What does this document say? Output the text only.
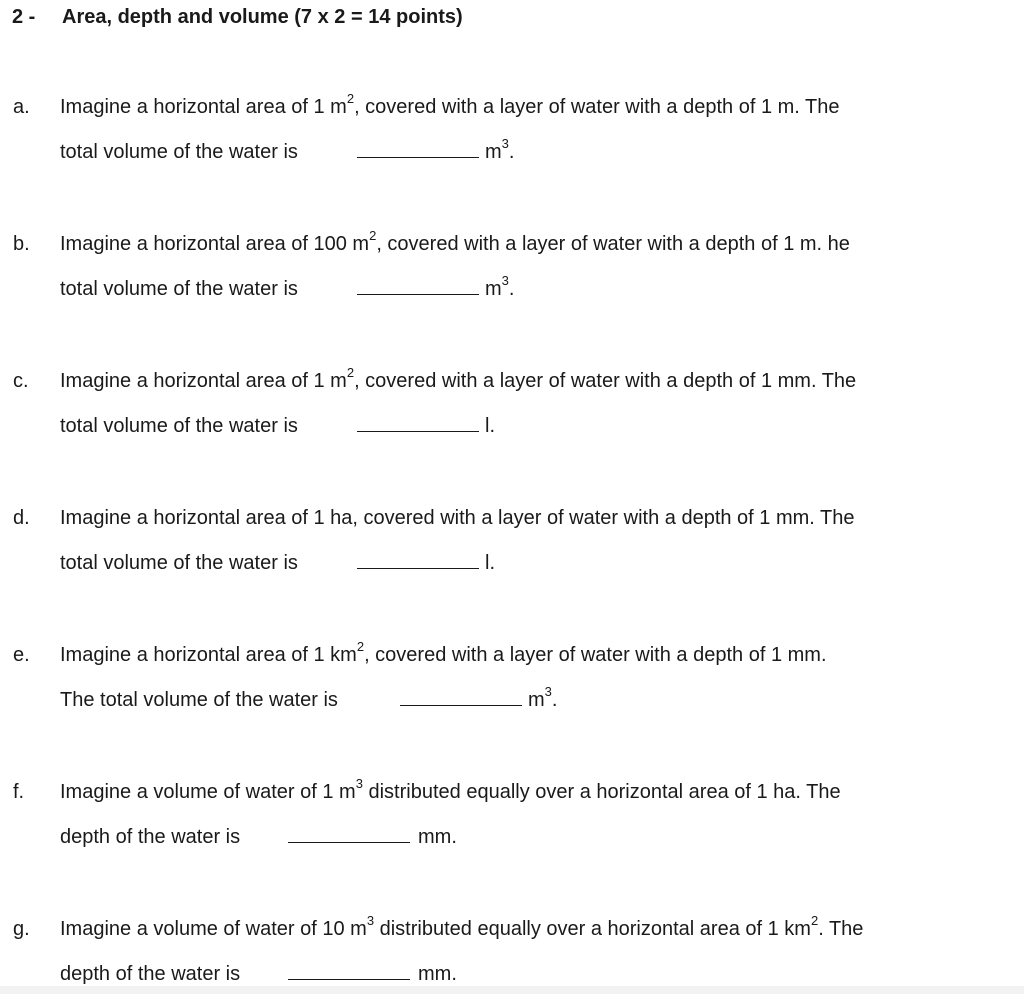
2 - Area, depth and volume (7 x 2 = 14 points)
a. Imagine a horizontal area of 1 $m^2$, covered with a layer of water with a depth of 1 m. The
total volume of the water is	$m^3$.
b. Imagine a horizontal area of 100 $m^2$, covered with a layer of water with a depth of 1 m. he
total volume of the water is	$m^3$.
c. Imagine a horizontal area of 1 $m^2$, covered with a layer of water with a depth of 1 mm. The
total volume of the water is	l.
d. Imagine a horizontal area of 1 ha, covered with a layer of water with a depth of 1 mm. The
total volume of the water is	l.
e. Imagine a horizontal area of 1 $km^2$, covered with a layer of water with a depth of 1 mm.
The total volume of the water is	$m^3$.
f. Imagine a volume of water of 1 $m^3$ distributed equally over a horizontal area of 1 ha. The
depth of the water is	mm.
g. Imagine a volume of water of 10 $m^3$ distributed equally over a horizontal area of 1 $km^2$. The
depth of the water is	mm.
